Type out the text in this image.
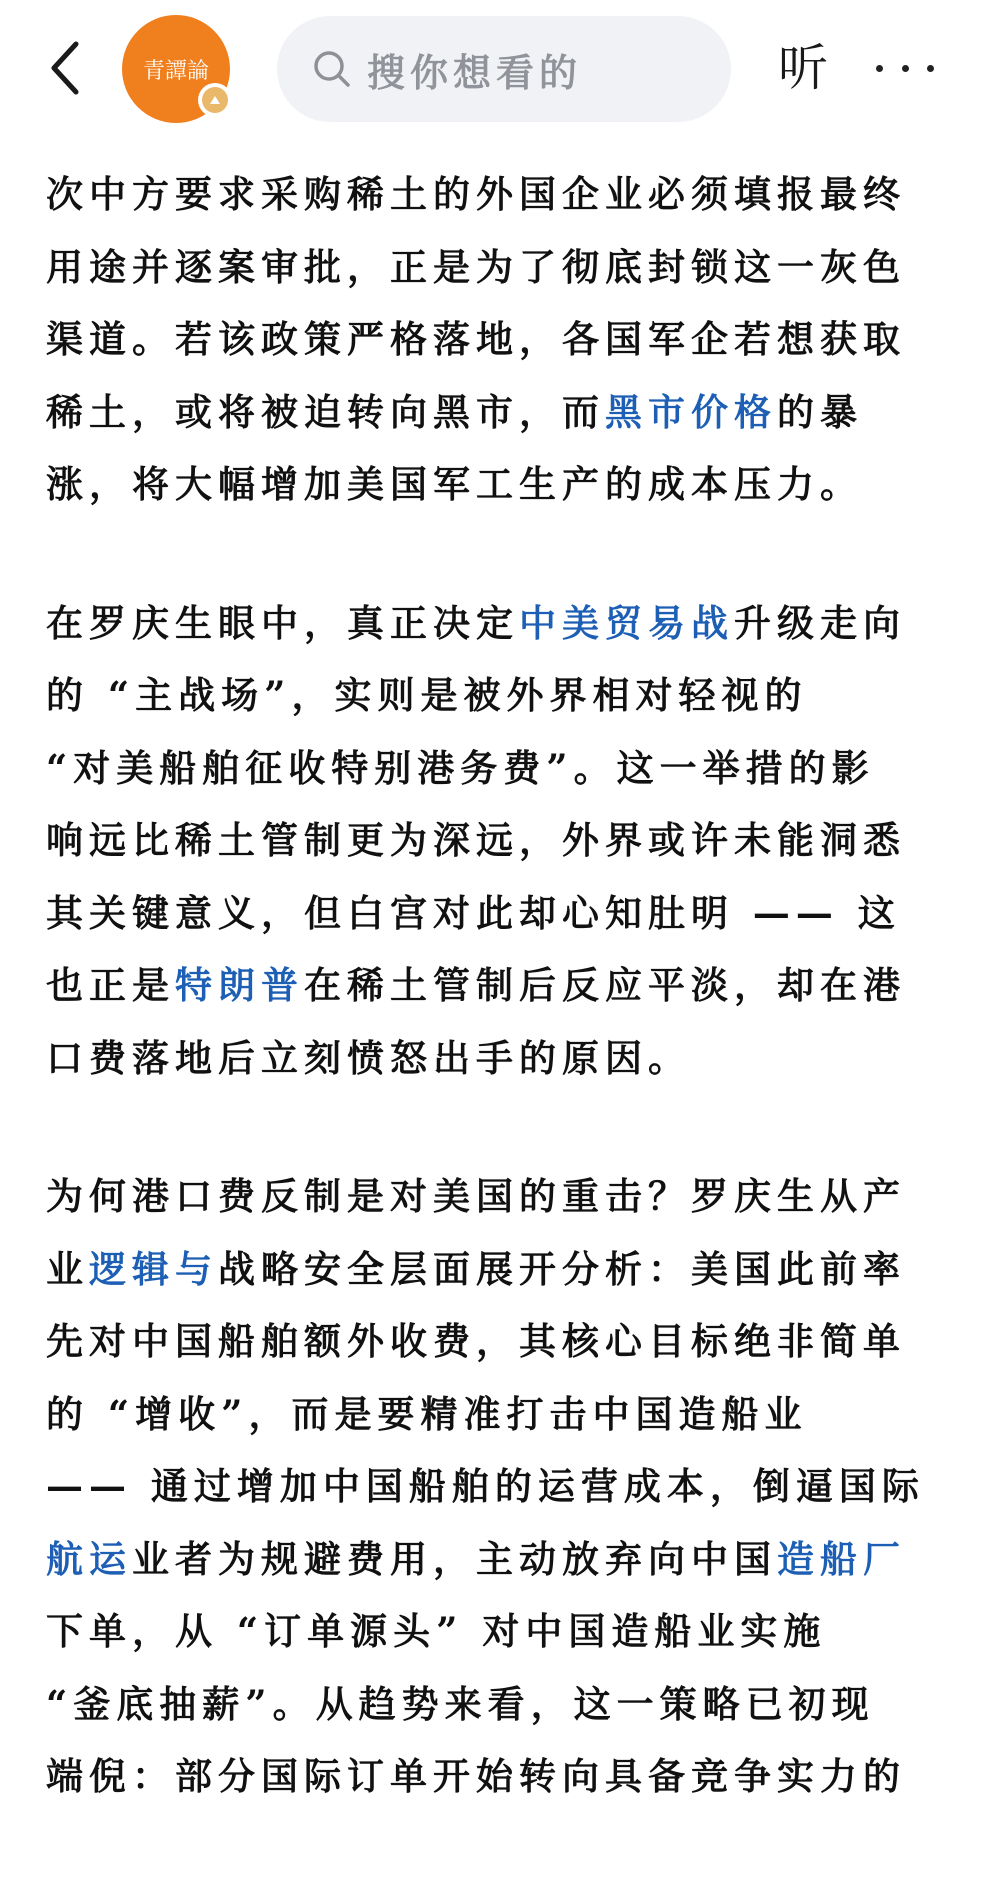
青譚論	搜你想看的	听
次中方要求采购稀土的外国企业必须填报最终
用途并逐案审批，正是为了彻底封锁这一灰色
渠道。若该政策严格落地，各国军企若想获取
稀土，或将被迫转向黑市，而黑市价格的暴
涨，将大幅增加美国军工生产的成本压力。
在罗庆生眼中，真正决定中美贸易战升级走向
的 “主战场”，实则是被外界相对轻视的
“对美船舶征收特别港务费”。这一举措的影
响远比稀土管制更为深远，外界或许未能洞悉
其关键意义，但白宫对此却心知肚明 —— 这
也正是特朗普在稀土管制后反应平淡，却在港
口费落地后立刻愤怒出手的原因。
为何港口费反制是对美国的重击？罗庆生从产
业逻辑与战略安全层面展开分析：美国此前率
先对中国船舶额外收费，其核心目标绝非简单
的 “增收”，而是要精准打击中国造船业
—— 通过增加中国船舶的运营成本，倒逼国际
航运业者为规避费用，主动放弃向中国造船厂
下单，从 “订单源头” 对中国造船业实施
“釜底抽薪”。从趋势来看，这一策略已初现
端倪：部分国际订单开始转向具备竞争实力的
